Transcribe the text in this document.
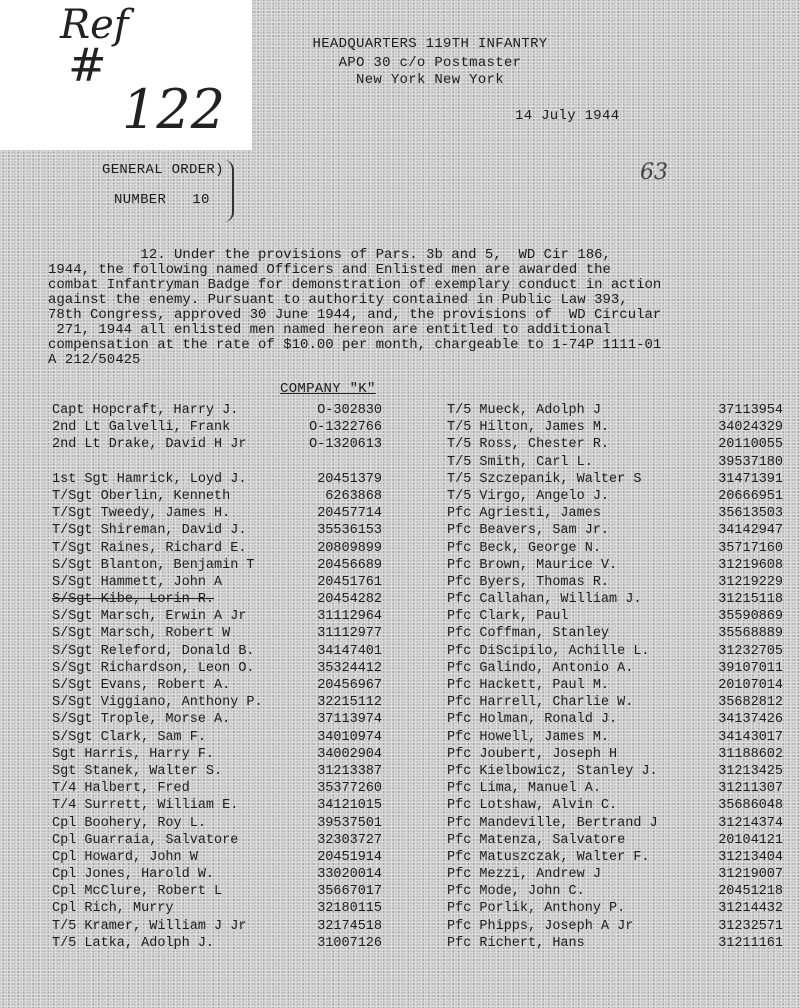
Ref
#
122
HEADQUARTERS 119TH INFANTRY
APO 30 c/o Postmaster
New York New York
14 July 1944
63
GENERAL ORDER)
NUMBER   10
12. Under the provisions of Pars. 3b and 5,  WD Cir 186,
1944, the following named Officers and Enlisted men are awarded the
combat Infantryman Badge for demonstration of exemplary conduct in action
against the enemy. Pursuant to authority contained in Public Law 393,
78th Congress, approved 30 June 1944, and, the provisions of  WD Circular
271, 1944 all enlisted men named hereon are entitled to additional
compensation at the rate of $10.00 per month, chargeable to 1-74P 1111-01
A 212/50425
COMPANY "K"
Capt Hopcraft, Harry J.	O-302830
2nd Lt Galvelli, Frank	O-1322766
2nd Lt Drake, David H Jr	O-1320613
1st Sgt Hamrick, Loyd J.	20451379
T/Sgt Oberlin, Kenneth	6263868
T/Sgt Tweedy, James H.	20457714
T/Sgt Shireman, David J.	35536153
T/Sgt Raines, Richard E.	20809899
S/Sgt Blanton, Benjamin T	20456689
S/Sgt Hammett, John A	20451761
S/Sgt Kibe, Lorin R.	20454282
S/Sgt Marsch, Erwin A Jr	31112964
S/Sgt Marsch, Robert W	31112977
S/Sgt Releford, Donald B.	34147401
S/Sgt Richardson, Leon O.	35324412
S/Sgt Evans, Robert A.	20456967
S/Sgt Viggiano, Anthony P.	32215112
S/Sgt Trople, Morse A.	37113974
S/Sgt Clark, Sam F.	34010974
Sgt Harris, Harry F.	34002904
Sgt Stanek, Walter S.	31213387
T/4 Halbert, Fred	35377260
T/4 Surrett, William E.	34121015
Cpl Boohery, Roy L.	39537501
Cpl Guarraia, Salvatore	32303727
Cpl Howard, John W	20451914
Cpl Jones, Harold W.	33020014
Cpl McClure, Robert L	35667017
Cpl Rich, Murry	32180115
T/5 Kramer, William J Jr	32174518
T/5 Latka, Adolph J.	31007126
T/5 Mueck, Adolph J	37113954
T/5 Hilton, James M.	34024329
T/5 Ross, Chester R.	20110055
T/5 Smith, Carl L.	39537180
T/5 Szczepanik, Walter S	31471391
T/5 Virgo, Angelo J.	20666951
Pfc Agriesti, James	35613503
Pfc Beavers, Sam Jr.	34142947
Pfc Beck, George N.	35717160
Pfc Brown, Maurice V.	31219608
Pfc Byers, Thomas R.	31219229
Pfc Callahan, William J.	31215118
Pfc Clark, Paul	35590869
Pfc Coffman, Stanley	35568889
Pfc DiScipilo, Achille L.	31232705
Pfc Galindo, Antonio A.	39107011
Pfc Hackett, Paul M.	20107014
Pfc Harrell, Charlie W.	35682812
Pfc Holman, Ronald J.	34137426
Pfc Howell, James M.	34143017
Pfc Joubert, Joseph H	31188602
Pfc Kielbowicz, Stanley J.	31213425
Pfc Lima, Manuel A.	31211307
Pfc Lotshaw, Alvin C.	35686048
Pfc Mandeville, Bertrand J	31214374
Pfc Matenza, Salvatore	20104121
Pfc Matuszczak, Walter F.	31213404
Pfc Mezzi, Andrew J	31219007
Pfc Mode, John C.	20451218
Pfc Porlik, Anthony P.	31214432
Pfc Phipps, Joseph A Jr	31232571
Pfc Richert, Hans	31211161
